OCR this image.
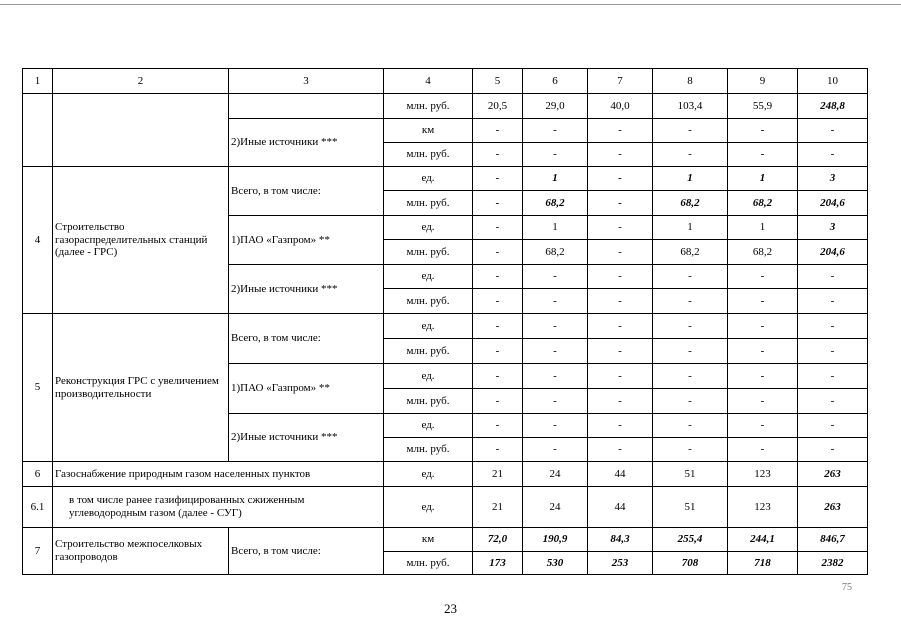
1	2	3	4	5	6	7	8	9	10
			млн. руб.	20,5	29,0	40,0	103,4	55,9	248,8
		2)Иные источники ***	км	-	-	-	-	-	-
			млн. руб.	-	-	-	-	-	-
4	Строительство газораспределительных станций (далее - ГРС)	Всего, в том числе:	ед.	-	1	-	1	1	3
			млн. руб.	-	68,2	-	68,2	68,2	204,6
		1)ПАО «Газпром» **	ед.	-	1	-	1	1	3
			млн. руб.	-	68,2	-	68,2	68,2	204,6
		2)Иные источники ***	ед.	-	-	-	-	-	-
			млн. руб.	-	-	-	-	-	-
5	Реконструкция ГРС с увеличением производительности	Всего, в том числе:	ед.	-	-	-	-	-	-
			млн. руб.	-	-	-	-	-	-
		1)ПАО «Газпром» **	ед.	-	-	-	-	-	-
			млн. руб.	-	-	-	-	-	-
		2)Иные источники ***	ед.	-	-	-	-	-	-
			млн. руб.	-	-	-	-	-	-
6	Газоснабжение природным газом населенных пунктов		ед.	21	24	44	51	123	263
6.1	в том числе ранее газифицированных сжиженным углеводородным газом (далее - СУГ)		ед.	21	24	44	51	123	263
7	Строительство межпоселковых газопроводов	Всего, в том числе:	км	72,0	190,9	84,3	255,4	244,1	846,7
			млн. руб.	173	530	253	708	718	2382
75
23
